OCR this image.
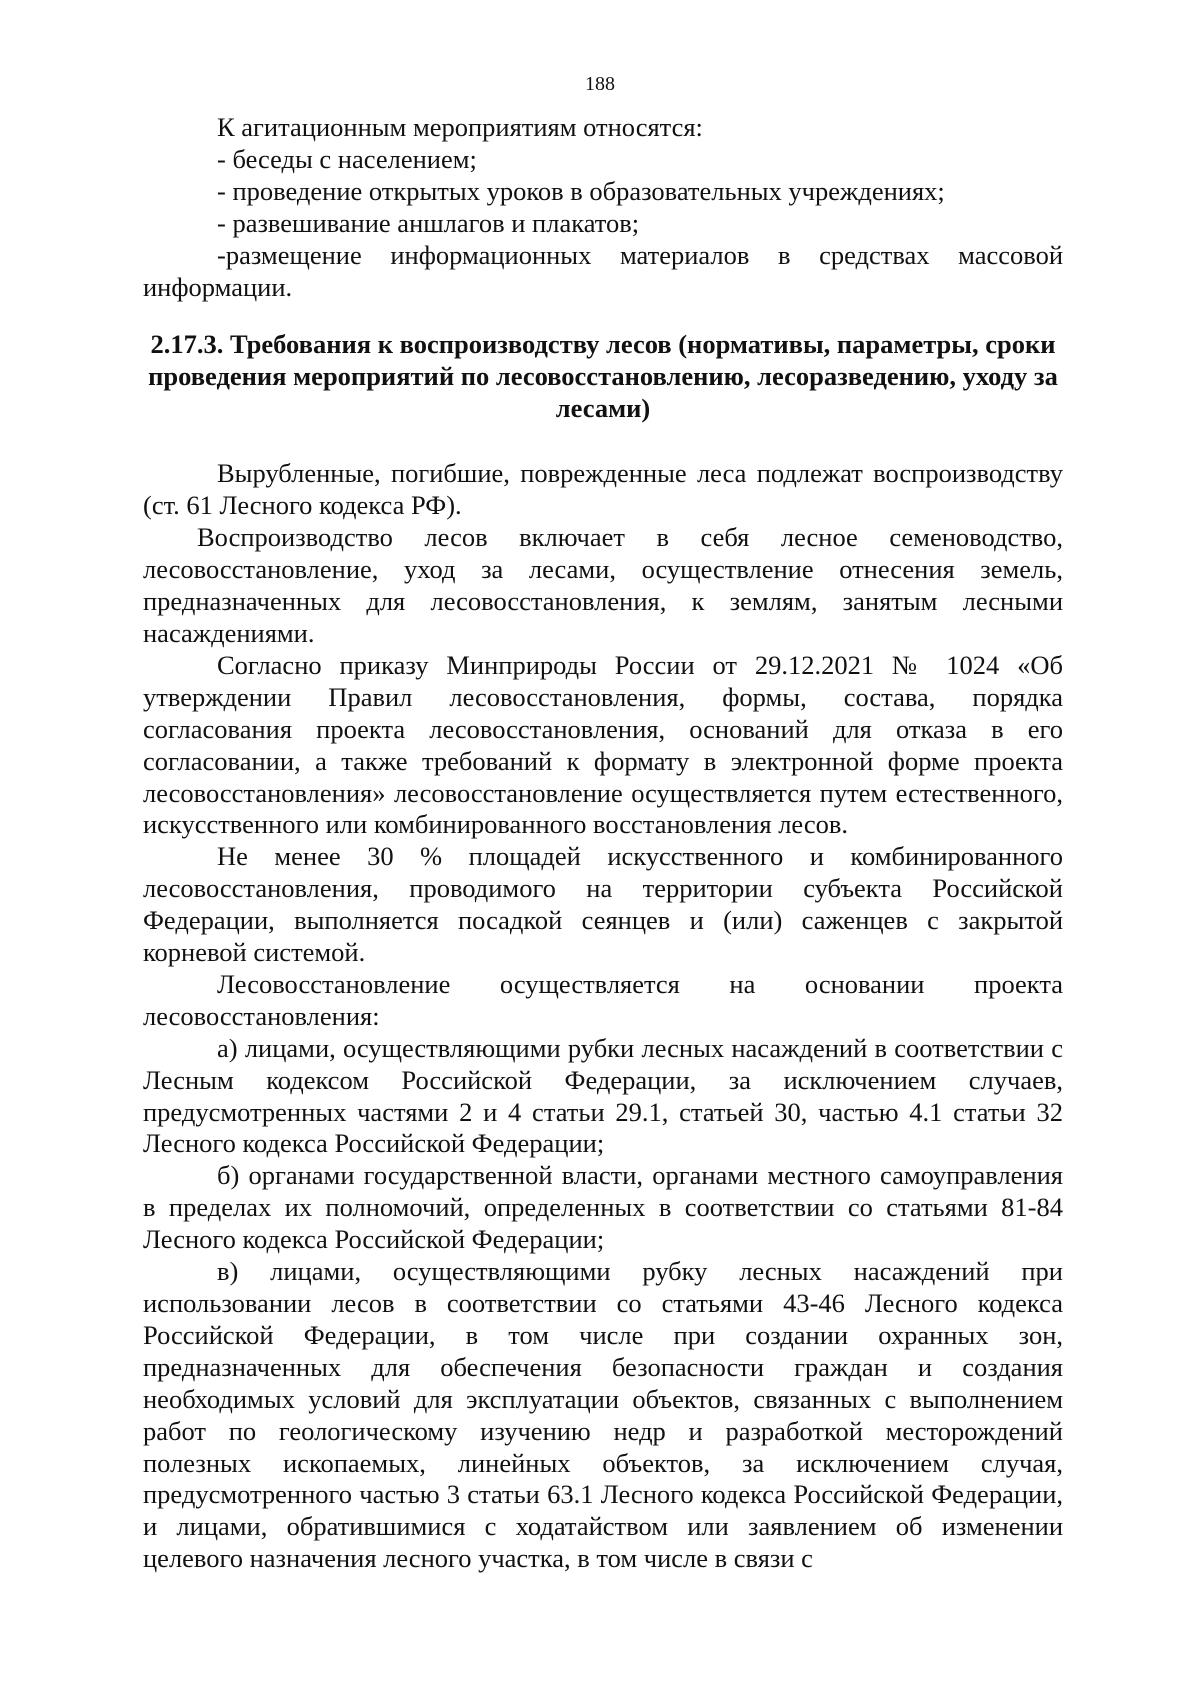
188

К агитационным мероприятиям относятся:

- беседы с населением;

- проведение открытых уроков в образовательных учреждениях;

- развешивание аншлагов и плакатов;

-размещение информационных материалов в средствах массовой информации.

2.17.3. Требования к воспроизводству лесов (нормативы, параметры, сроки проведения мероприятий по лесовосстановлению, лесоразведению, уходу за лесами)

Вырубленные, погибшие, поврежденные леса подлежат воспроизводству (ст. 61 Лесного кодекса РФ).

Воспроизводство лесов включает в себя лесное семеноводство, лесовосстановление, уход за лесами, осуществление отнесения земель, предназначенных для лесовосстановления, к землям, занятым лесными насаждениями.

Согласно приказу Минприроды России от 29.12.2021 № 1024 «Об утверждении Правил лесовосстановления, формы, состава, порядка согласования проекта лесовосстановления, оснований для отказа в его согласовании, а также требований к формату в электронной форме проекта лесовосстановления» лесовосстановление осуществляется путем естественного, искусственного или комбинированного восстановления лесов.

Не менее 30 % площадей искусственного и комбинированного лесовосстановления, проводимого на территории субъекта Российской Федерации, выполняется посадкой сеянцев и (или) саженцев с закрытой корневой системой.

Лесовосстановление осуществляется на основании проекта лесовосстановления:

а) лицами, осуществляющими рубки лесных насаждений в соответствии с Лесным кодексом Российской Федерации, за исключением случаев, предусмотренных частями 2 и 4 статьи 29.1, статьей 30, частью 4.1 статьи 32 Лесного кодекса Российской Федерации;

б) органами государственной власти, органами местного самоуправления в пределах их полномочий, определенных в соответствии со статьями 81-84 Лесного кодекса Российской Федерации;

в) лицами, осуществляющими рубку лесных насаждений при использовании лесов в соответствии со статьями 43-46 Лесного кодекса Российской Федерации, в том числе при создании охранных зон, предназначенных для обеспечения безопасности граждан и создания необходимых условий для эксплуатации объектов, связанных с выполнением работ по геологическому изучению недр и разработкой месторождений полезных ископаемых, линейных объектов, за исключением случая, предусмотренного частью 3 статьи 63.1 Лесного кодекса Российской Федерации, и лицами, обратившимися с ходатайством или заявлением об изменении целевого назначения лесного участка, в том числе в связи с
